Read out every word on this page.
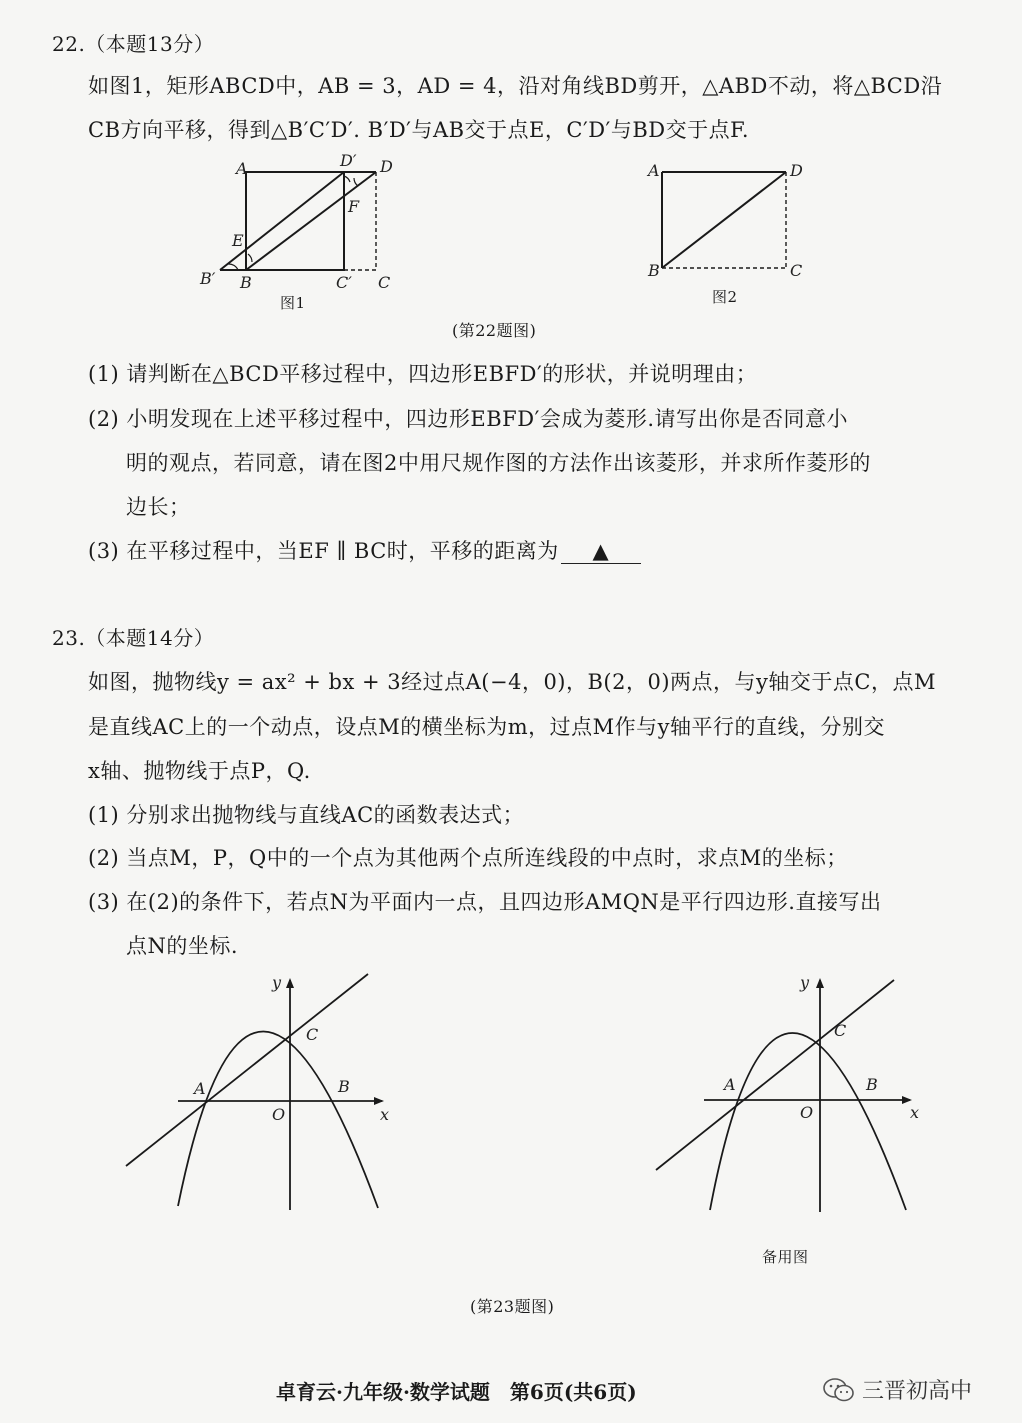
22.（本题13分）
如图1，矩形ABCD中，AB = 3，AD = 4，沿对角线BD剪开，△ABD不动，将△BCD沿
CB方向平移，得到△B′C′D′. B′D′与AB交于点E，C′D′与BD交于点F.
A	D′ D
F
E
B′ B	C′ C
A	D
B	C
图1	图2
(第22题图)
(1) 请判断在△BCD平移过程中，四边形EBFD′的形状，并说明理由；
(2) 小明发现在上述平移过程中，四边形EBFD′会成为菱形.请写出你是否同意小
明的观点，若同意，请在图2中用尺规作图的方法作出该菱形，并求所作菱形的
边长；
(3) 在平移过程中，当EF ∥ BC时，平移的距离为 ▲
23.（本题14分）
如图，抛物线y = ax² + bx + 3经过点A(−4，0)，B(2，0)两点，与y轴交于点C，点M
是直线AC上的一个动点，设点M的横坐标为m，过点M作与y轴平行的直线，分别交
x轴、抛物线于点P，Q.
(1) 分别求出抛物线与直线AC的函数表达式；
(2) 当点M，P，Q中的一个点为其他两个点所连线段的中点时，求点M的坐标；
(3) 在(2)的条件下，若点N为平面内一点，且四边形AMQN是平行四边形.直接写出
点N的坐标.
y
x
A	B
C
O
y
x
A	B
C
O
备用图
(第23题图)
卓育云·九年级·数学试题　第6页(共6页)	三晋初高中
